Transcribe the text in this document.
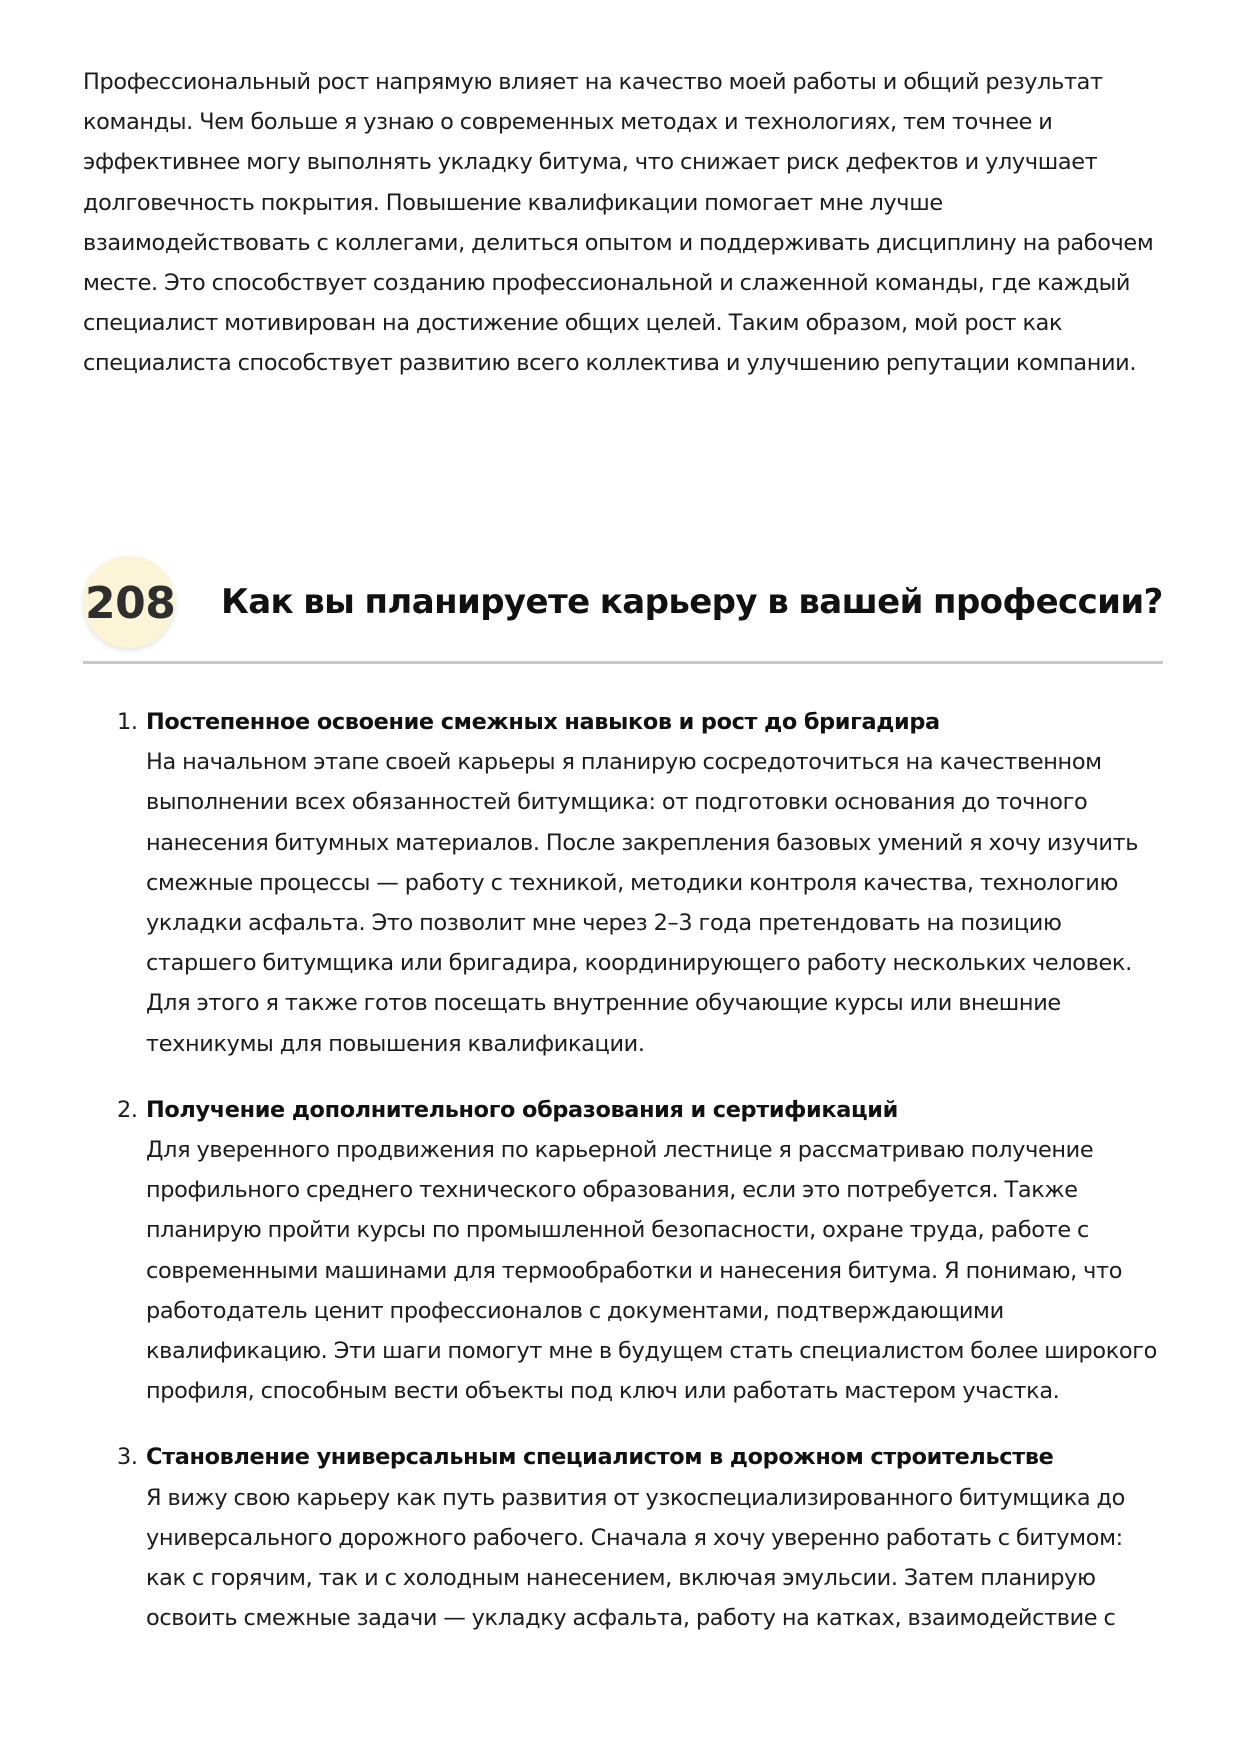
Профессиональный рост напрямую влияет на качество моей работы и общий результат команды. Чем больше я узнаю о современных методах и технологиях, тем точнее и эффективнее могу выполнять укладку битума, что снижает риск дефектов и улучшает долговечность покрытия. Повышение квалификации помогает мне лучше взаимодействовать с коллегами, делиться опытом и поддерживать дисциплину на рабочем месте. Это способствует созданию профессиональной и слаженной команды, где каждый специалист мотивирован на достижение общих целей. Таким образом, мой рост как специалиста способствует развитию всего коллектива и улучшению репутации компании.

208 Как вы планируете карьеру в вашей профессии?
1. Постепенное освоение смежных навыков и рост до бригадира
На начальном этапе своей карьеры я планирую сосредоточиться на качественном выполнении всех обязанностей битумщика: от подготовки основания до точного нанесения битумных материалов. После закрепления базовых умений я хочу изучить смежные процессы — работу с техникой, методики контроля качества, технологию укладки асфальта. Это позволит мне через 2–3 года претендовать на позицию старшего битумщика или бригадира, координирующего работу нескольких человек. Для этого я также готов посещать внутренние обучающие курсы или внешние техникумы для повышения квалификации.
2. Получение дополнительного образования и сертификаций
Для уверенного продвижения по карьерной лестнице я рассматриваю получение профильного среднего технического образования, если это потребуется. Также планирую пройти курсы по промышленной безопасности, охране труда, работе с современными машинами для термообработки и нанесения битума. Я понимаю, что работодатель ценит профессионалов с документами, подтверждающими квалификацию. Эти шаги помогут мне в будущем стать специалистом более широкого профиля, способным вести объекты под ключ или работать мастером участка.
3. Становление универсальным специалистом в дорожном строительстве
Я вижу свою карьеру как путь развития от узкоспециализированного битумщика до универсального дорожного рабочего. Сначала я хочу уверенно работать с битумом: как с горячим, так и с холодным нанесением, включая эмульсии. Затем планирую освоить смежные задачи — укладку асфальта, работу на катках, взаимодействие с
